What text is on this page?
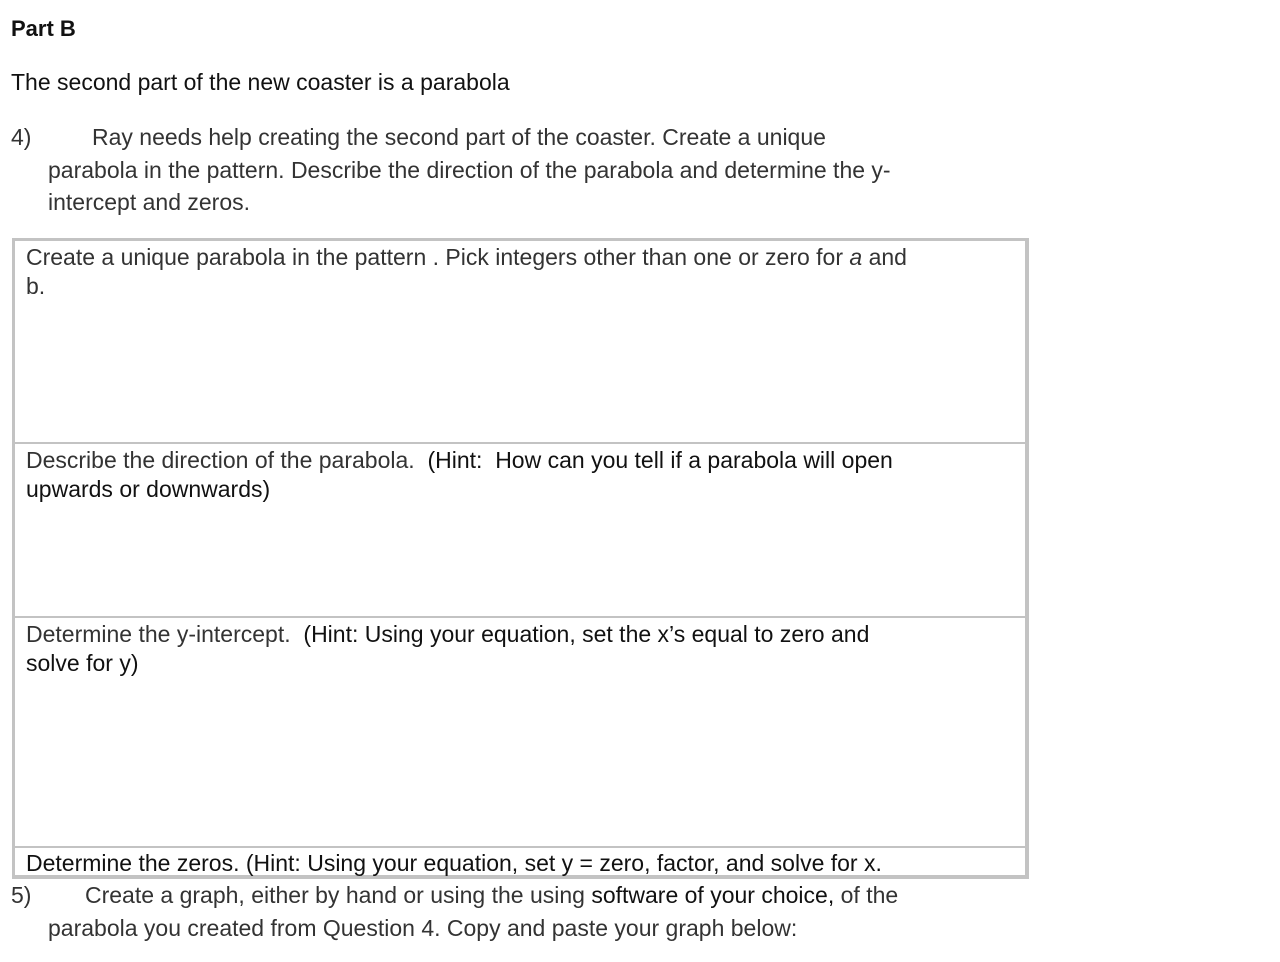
Part B
The second part of the new coaster is a parabola
4)	Ray needs help creating the second part of the coaster. Create a unique
parabola in the pattern. Describe the direction of the parabola and determine the y-
intercept and zeros.
Create a unique parabola in the pattern . Pick integers other than one or zero for a and
b.
Describe the direction of the parabola.  (Hint:  How can you tell if a parabola will open
upwards or downwards)
Determine the y-intercept.  (Hint: Using your equation, set the x’s equal to zero and
solve for y)
Determine the zeros. (Hint: Using your equation, set y = zero, factor, and solve for x.
5) Create a graph, either by hand or using the using software of your choice, of the
parabola you created from Question 4. Copy and paste your graph below:
